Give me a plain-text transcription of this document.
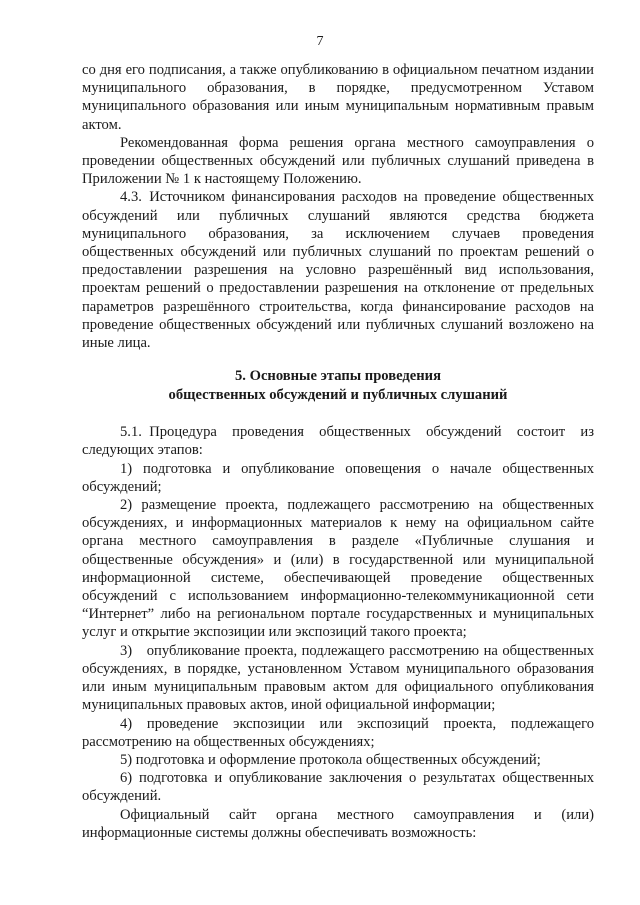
7

со дня его подписания, а также опубликованию в официальном печатном издании муниципального образования, в порядке, предусмотренном Уставом муниципального образования или иным муниципальным нормативным правым актом.

Рекомендованная форма решения органа местного самоуправления о проведении общественных обсуждений или публичных слушаний приведена в Приложении № 1 к настоящему Положению.

4.3. Источником финансирования расходов на проведение общественных обсуждений или публичных слушаний являются средства бюджета муниципального образования, за исключением случаев проведения общественных обсуждений или публичных слушаний по проектам решений о предоставлении разрешения на условно разрешённый вид использования, проектам решений о предоставлении разрешения на отклонение от предельных параметров разрешённого строительства, когда финансирование расходов на проведение общественных обсуждений или публичных слушаний возложено на иные лица.

5. Основные этапы проведения
общественных обсуждений и публичных слушаний

5.1. Процедура проведения общественных обсуждений состоит из следующих этапов:

1) подготовка и опубликование оповещения о начале общественных обсуждений;

2) размещение проекта, подлежащего рассмотрению на общественных обсуждениях, и информационных материалов к нему на официальном сайте органа местного самоуправления в разделе «Публичные слушания и общественные обсуждения» и (или) в государственной или муниципальной информационной системе, обеспечивающей проведение общественных обсуждений с использованием информационно-телекоммуникационной сети “Интернет” либо на региональном портале государственных и муниципальных услуг и открытие экспозиции или экспозиций такого проекта;

3) опубликование проекта, подлежащего рассмотрению на общественных обсуждениях, в порядке, установленном Уставом муниципального образования или иным муниципальным правовым актом для официального опубликования муниципальных правовых актов, иной официальной информации;

4) проведение экспозиции или экспозиций проекта, подлежащего рассмотрению на общественных обсуждениях;

5) подготовка и оформление протокола общественных обсуждений;

6) подготовка и опубликование заключения о результатах общественных обсуждений.

Официальный сайт органа местного самоуправления и (или) информационные системы должны обеспечивать возможность:
